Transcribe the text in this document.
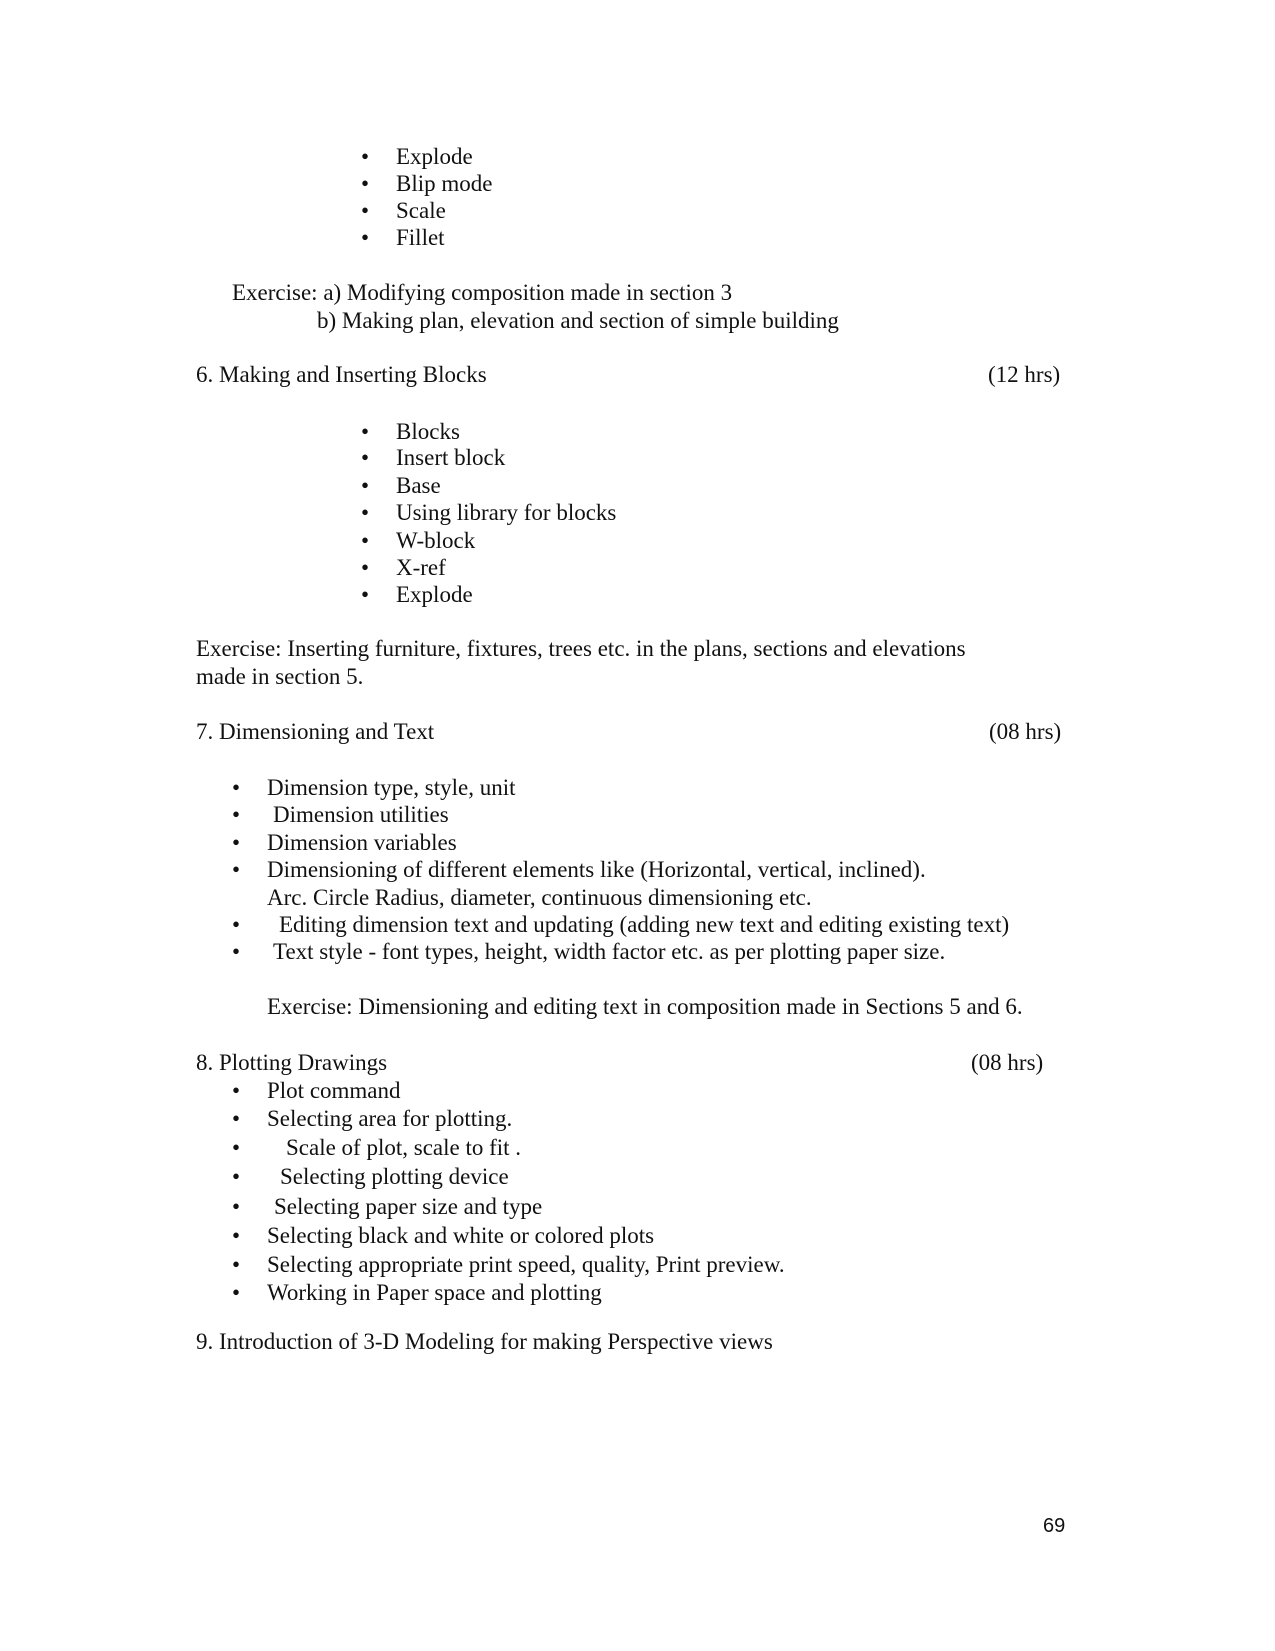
• Explode
• Blip mode
• Scale
• Fillet
Exercise: a) Modifying composition made in section 3
b) Making plan, elevation and section of simple building
6. Making and Inserting Blocks	(12 hrs)
• Blocks
• Insert block
• Base
• Using library for blocks
• W-block
• X-ref
• Explode
Exercise: Inserting furniture, fixtures, trees etc. in the plans, sections and elevations
made in section 5.
7. Dimensioning and Text	(08 hrs)
• Dimension type, style, unit
• Dimension utilities
• Dimension variables
• Dimensioning of different elements like (Horizontal, vertical, inclined).
Arc. Circle Radius, diameter, continuous dimensioning etc.
• Editing dimension text and updating (adding new text and editing existing text)
• Text style - font types, height, width factor etc. as per plotting paper size.
Exercise: Dimensioning and editing text in composition made in Sections 5 and 6.
8. Plotting Drawings	(08 hrs)
• Plot command
• Selecting area for plotting.
• Scale of plot, scale to fit .
• Selecting plotting device
• Selecting paper size and type
• Selecting black and white or colored plots
• Selecting appropriate print speed, quality, Print preview.
• Working in Paper space and plotting
9. Introduction of 3-D Modeling for making Perspective views
69
